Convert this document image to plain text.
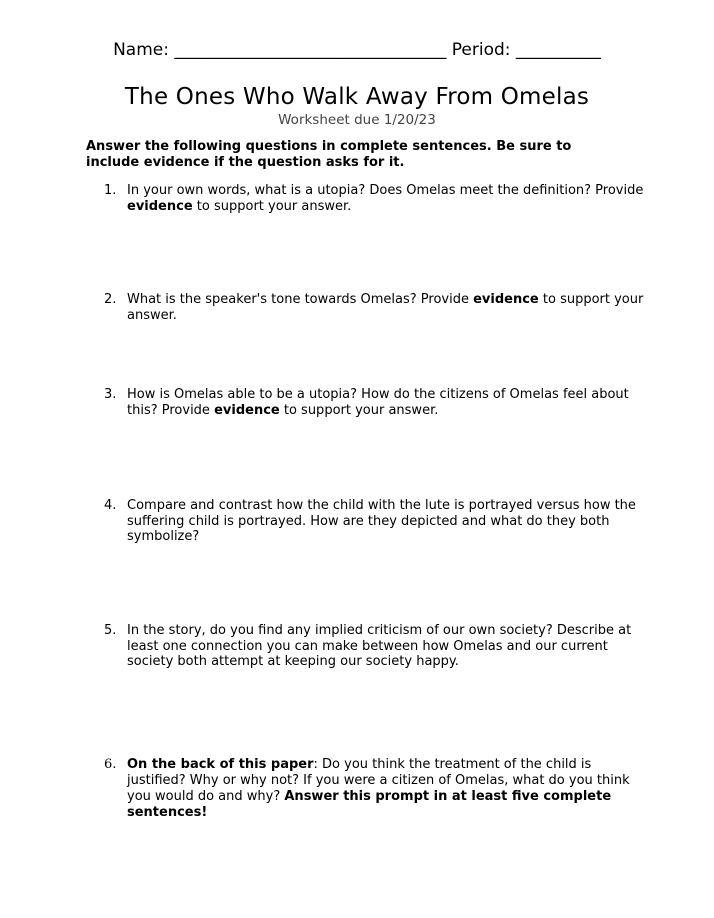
Name: ________________________________ Period: __________
The Ones Who Walk Away From Omelas
Worksheet due 1/20/23
Answer the following questions in complete sentences. Be sure to include evidence if the question asks for it.
1. In your own words, what is a utopia? Does Omelas meet the definition? Provide evidence to support your answer.
2. What is the speaker's tone towards Omelas? Provide evidence to support your answer.
3. How is Omelas able to be a utopia? How do the citizens of Omelas feel about this? Provide evidence to support your answer.
4. Compare and contrast how the child with the lute is portrayed versus how the suffering child is portrayed. How are they depicted and what do they both symbolize?
5. In the story, do you find any implied criticism of our own society? Describe at least one connection you can make between how Omelas and our current society both attempt at keeping our society happy.
6. On the back of this paper: Do you think the treatment of the child is justified? Why or why not? If you were a citizen of Omelas, what do you think you would do and why? Answer this prompt in at least five complete sentences!
